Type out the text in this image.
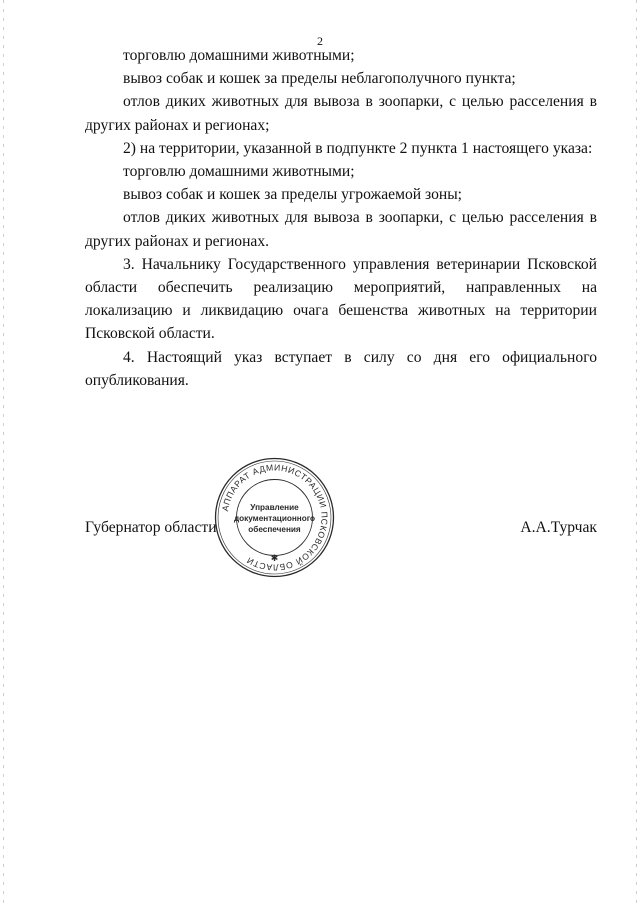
2

торговлю домашними животными;

вывоз собак и кошек за пределы неблагополучного пункта;

отлов диких животных для вывоза в зоопарки, с целью расселения в других районах и регионах;

2) на территории, указанной в подпункте 2 пункта 1 настоящего указа:

торговлю домашними животными;

вывоз собак и кошек за пределы угрожаемой зоны;

отлов диких животных для вывоза в зоопарки, с целью расселения в других районах и регионах.

3. Начальнику Государственного управления ветеринарии Псковской области обеспечить реализацию мероприятий, направленных на локализацию и ликвидацию очага бешенства животных на территории Псковской области.

4. Настоящий указ вступает в силу со дня его официального опубликования.

АППАРАТ АДМИНИСТРАЦИИ ПСКОВСКОЙ ОБЛАСТИ	✱
Управление
документационного
обеспечения
Губернатор области	А.А.Турчак
